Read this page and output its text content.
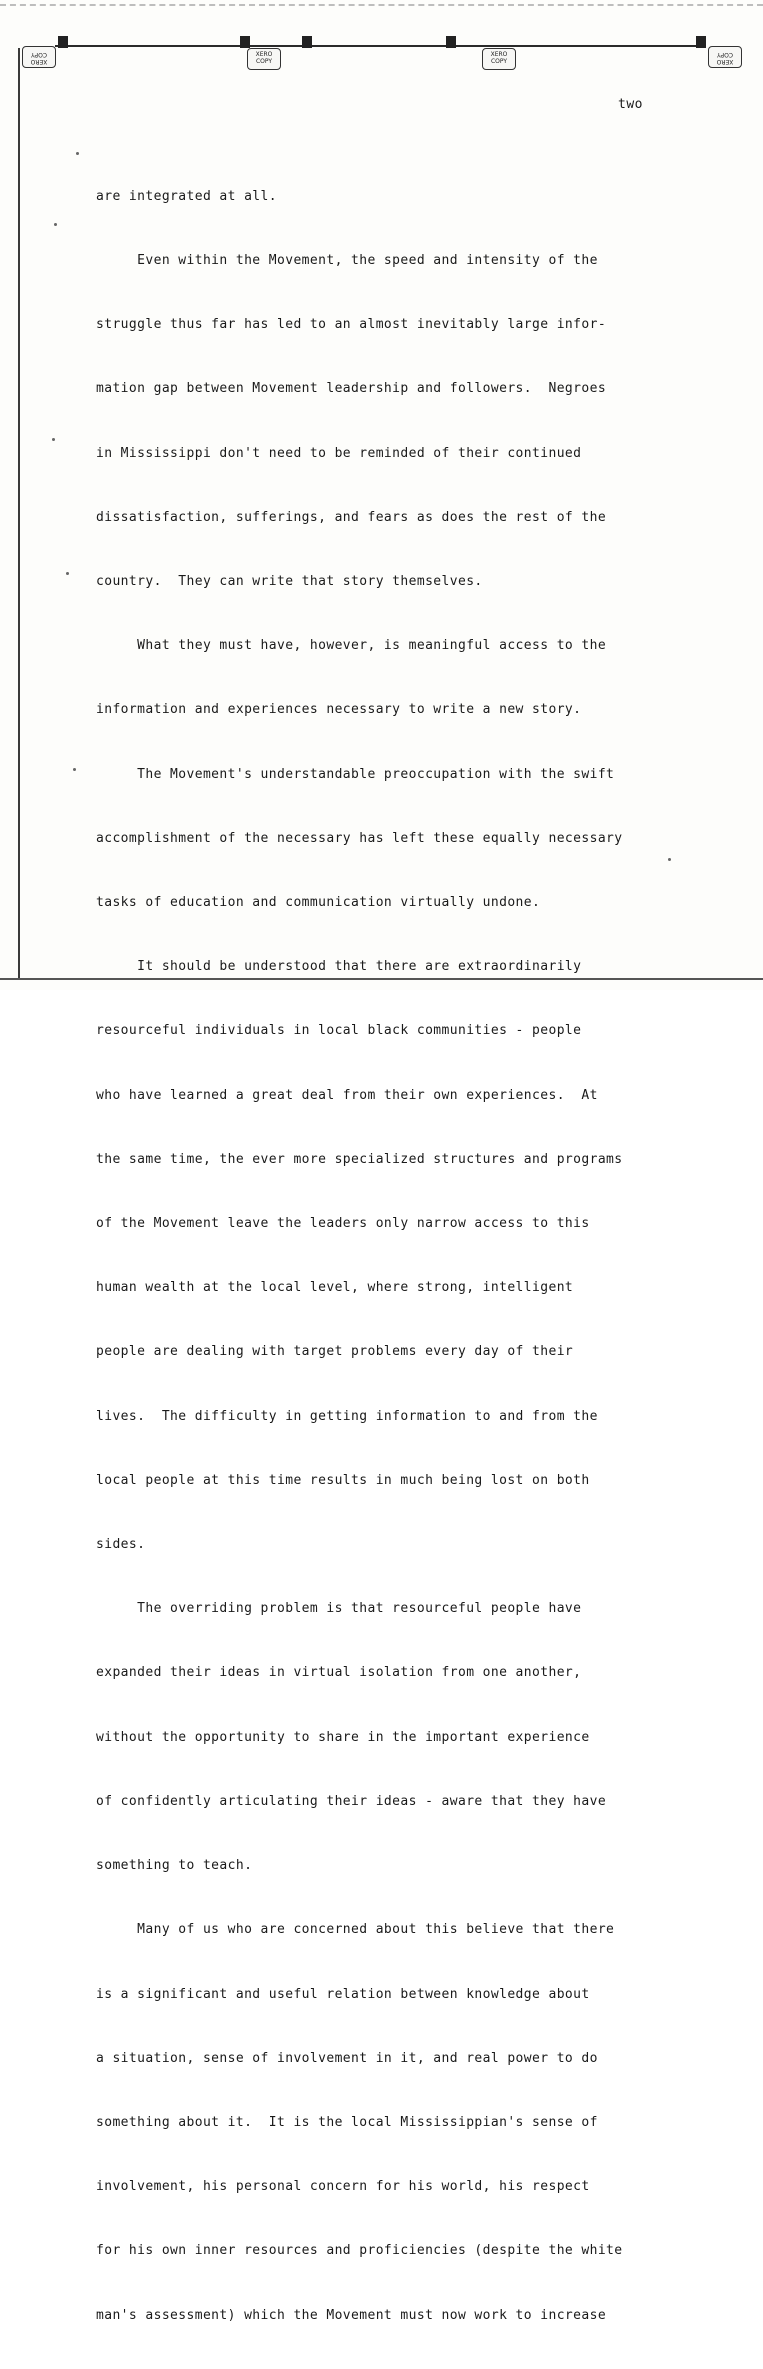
XERO COPY	XERO COPY
XERO COPY	XERO COPY
two

are integrated at all.

Even within the Movement, the speed and intensity of the

struggle thus far has led to an almost inevitably large infor-

mation gap between Movement leadership and followers.  Negroes

in Mississippi don't need to be reminded of their continued

dissatisfaction, sufferings, and fears as does the rest of the

country.  They can write that story themselves.

What they must have, however, is meaningful access to the

information and experiences necessary to write a new story.

The Movement's understandable preoccupation with the swift

accomplishment of the necessary has left these equally necessary

tasks of education and communication virtually undone.

It should be understood that there are extraordinarily

resourceful individuals in local black communities - people

who have learned a great deal from their own experiences.  At

the same time, the ever more specialized structures and programs

of the Movement leave the leaders only narrow access to this

human wealth at the local level, where strong, intelligent

people are dealing with target problems every day of their

lives.  The difficulty in getting information to and from the

local people at this time results in much being lost on both

sides.

The overriding problem is that resourceful people have

expanded their ideas in virtual isolation from one another,

without the opportunity to share in the important experience

of confidently articulating their ideas - aware that they have

something to teach.

Many of us who are concerned about this believe that there

is a significant and useful relation between knowledge about

a situation, sense of involvement in it, and real power to do

something about it.  It is the local Mississippian's sense of

involvement, his personal concern for his world, his respect

for his own inner resources and proficiencies (despite the white

man's assessment) which the Movement must now work to increase
